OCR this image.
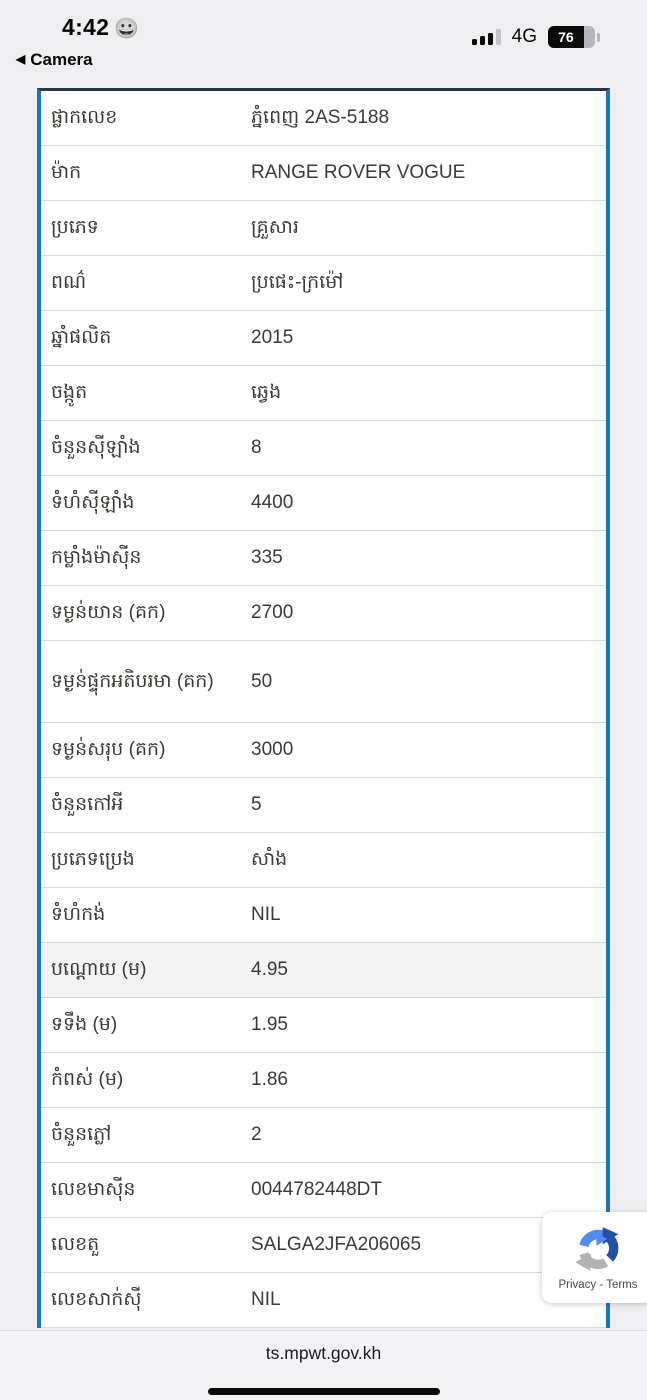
4:42 😀
◀ Camera
4G	76
ផ្លាកលេខ	ភ្នំពេញ 2AS-5188
ម៉ាក	RANGE ROVER VOGUE
ប្រភេទ	គ្រួសារ
ពណ៌	ប្រផេះ-ក្រម៉ៅ
ឆ្នាំផលិត	2015
ចង្កូត	ឆ្វេង
ចំនួនស៊ីឡាំង	8
ទំហំស៊ីឡាំង	4400
កម្លាំងម៉ាស៊ីន	335
ទម្ងន់យាន (គក)	2700
ទម្ងន់ផ្ទុកអតិបរមា (គក)	50
ទម្ងន់សរុប (គក)	3000
ចំនួនកៅអី	5
ប្រភេទប្រេង	សាំង
ទំហំកង់	NIL
បណ្ដោយ (ម)	4.95
ទទឹង (ម)	1.95
កំពស់ (ម)	1.86
ចំនួនភ្លៅ	2
លេខមាស៊ីន	0044782448DT
លេខតួ	SALGA2JFA206065
លេខសាក់ស៊ី	NIL
Privacy - Terms
ts.mpwt.gov.kh
